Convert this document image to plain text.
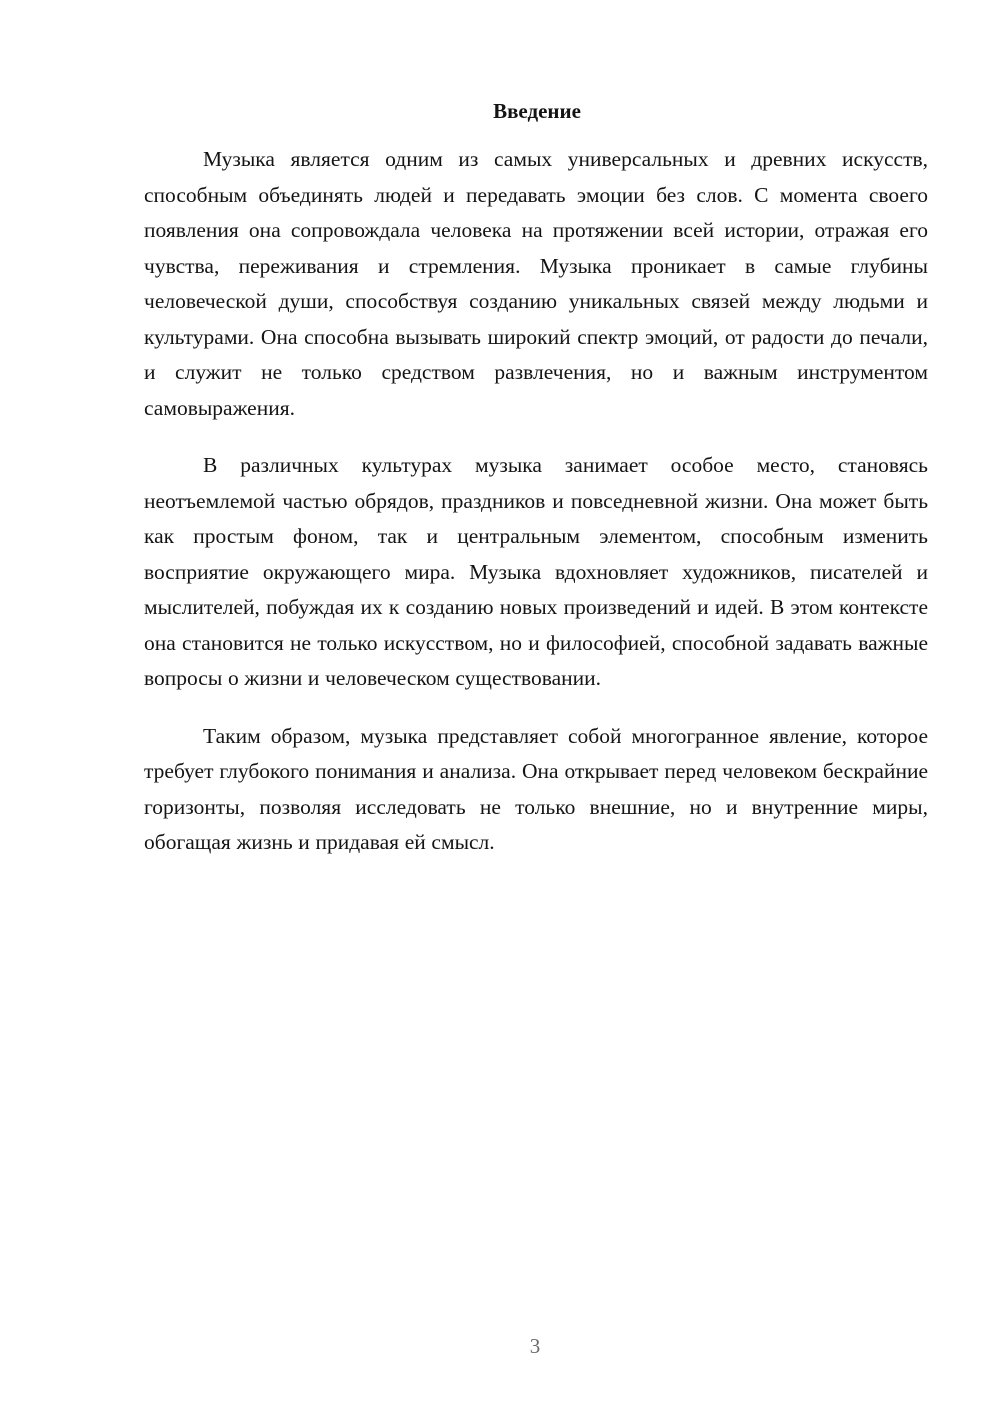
Введение

Музыка является одним из самых универсальных и древних искусств, способным объединять людей и передавать эмоции без слов. С момента своего появления она сопровождала человека на протяжении всей истории, отражая его чувства, переживания и стремления. Музыка проникает в самые глубины человеческой души, способствуя созданию уникальных связей между людьми и культурами. Она способна вызывать широкий спектр эмоций, от радости до печали, и служит не только средством развлечения, но и важным инструментом самовыражения.

В различных культурах музыка занимает особое место, становясь неотъемлемой частью обрядов, праздников и повседневной жизни. Она может быть как простым фоном, так и центральным элементом, способным изменить восприятие окружающего мира. Музыка вдохновляет художников, писателей и мыслителей, побуждая их к созданию новых произведений и идей. В этом контексте она становится не только искусством, но и философией, способной задавать важные вопросы о жизни и человеческом существовании.

Таким образом, музыка представляет собой многогранное явление, которое требует глубокого понимания и анализа. Она открывает перед человеком бескрайние горизонты, позволяя исследовать не только внешние, но и внутренние миры, обогащая жизнь и придавая ей смысл.

3
